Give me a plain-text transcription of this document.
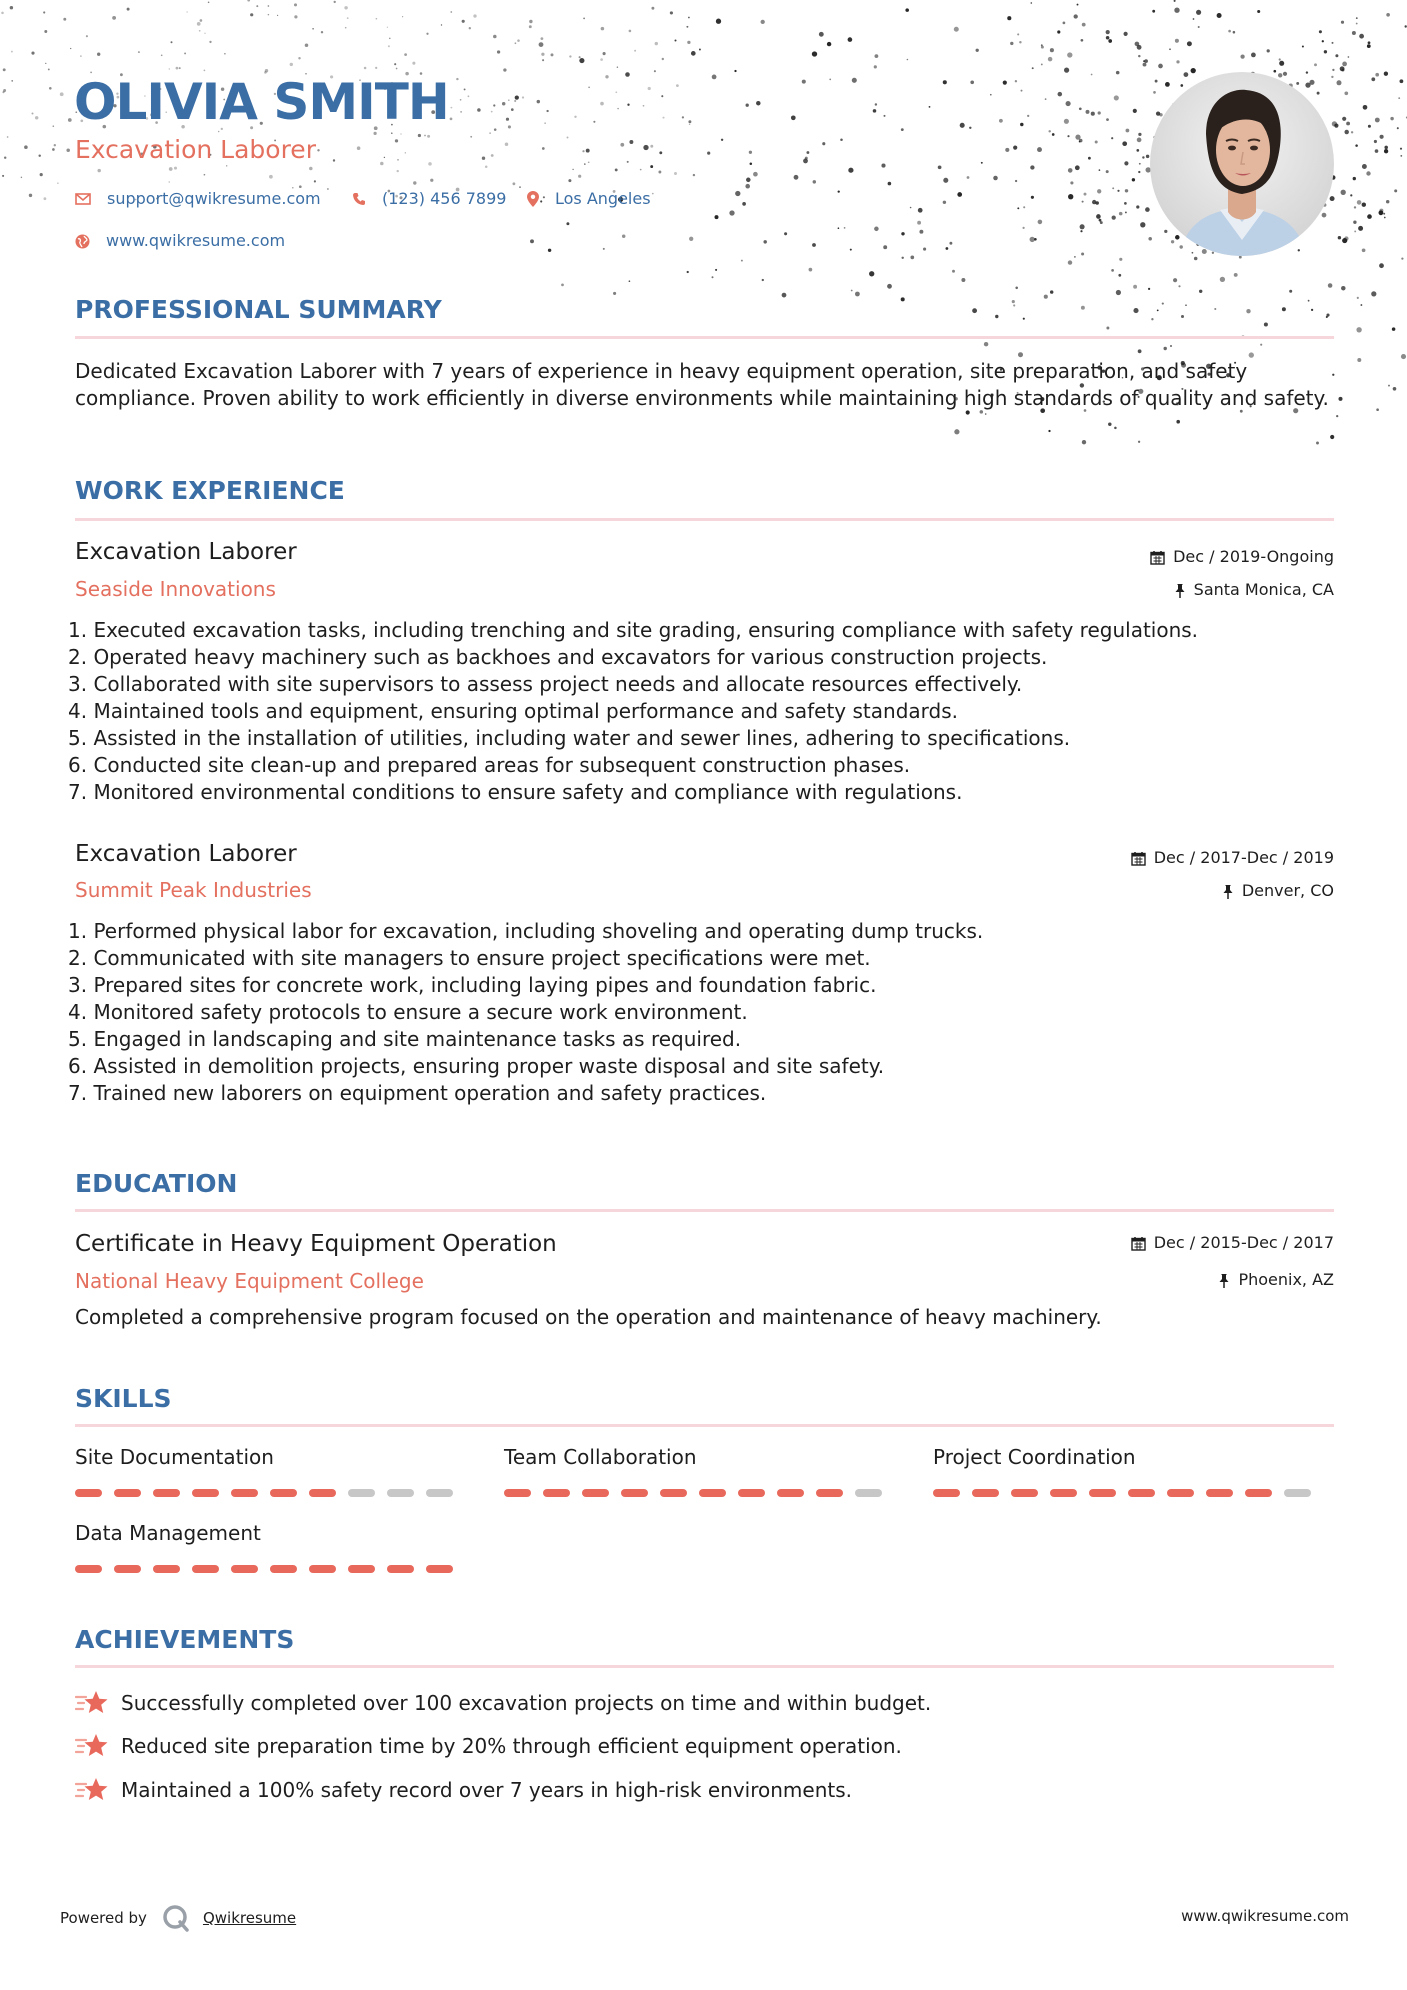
OLIVIA SMITH
Excavation Laborer
support@qwikresume.com	(123) 456 7899	Los Angeles
www.qwikresume.com
PROFESSIONAL SUMMARY
Dedicated Excavation Laborer with 7 years of experience in heavy equipment operation, site preparation, and safety compliance. Proven ability to work efficiently in diverse environments while maintaining high standards of quality and safety.
WORK EXPERIENCE
Excavation Laborer
Seaside Innovations
Dec / 2019-Ongoing
Santa Monica, CA
1. Executed excavation tasks, including trenching and site grading, ensuring compliance with safety regulations.
2. Operated heavy machinery such as backhoes and excavators for various construction projects.
3. Collaborated with site supervisors to assess project needs and allocate resources effectively.
4. Maintained tools and equipment, ensuring optimal performance and safety standards.
5. Assisted in the installation of utilities, including water and sewer lines, adhering to specifications.
6. Conducted site clean-up and prepared areas for subsequent construction phases.
7. Monitored environmental conditions to ensure safety and compliance with regulations.
Excavation Laborer
Summit Peak Industries
Dec / 2017-Dec / 2019
Denver, CO
1. Performed physical labor for excavation, including shoveling and operating dump trucks.
2. Communicated with site managers to ensure project specifications were met.
3. Prepared sites for concrete work, including laying pipes and foundation fabric.
4. Monitored safety protocols to ensure a secure work environment.
5. Engaged in landscaping and site maintenance tasks as required.
6. Assisted in demolition projects, ensuring proper waste disposal and site safety.
7. Trained new laborers on equipment operation and safety practices.
EDUCATION
Certificate in Heavy Equipment Operation
National Heavy Equipment College
Dec / 2015-Dec / 2017
Phoenix, AZ
Completed a comprehensive program focused on the operation and maintenance of heavy machinery.
SKILLS
Site Documentation	Team Collaboration	Project Coordination
Data Management
ACHIEVEMENTS
Successfully completed over 100 excavation projects on time and within budget.
Reduced site preparation time by 20% through efficient equipment operation.
Maintained a 100% safety record over 7 years in high-risk environments.
Powered by	Qwikresume	www.qwikresume.com
